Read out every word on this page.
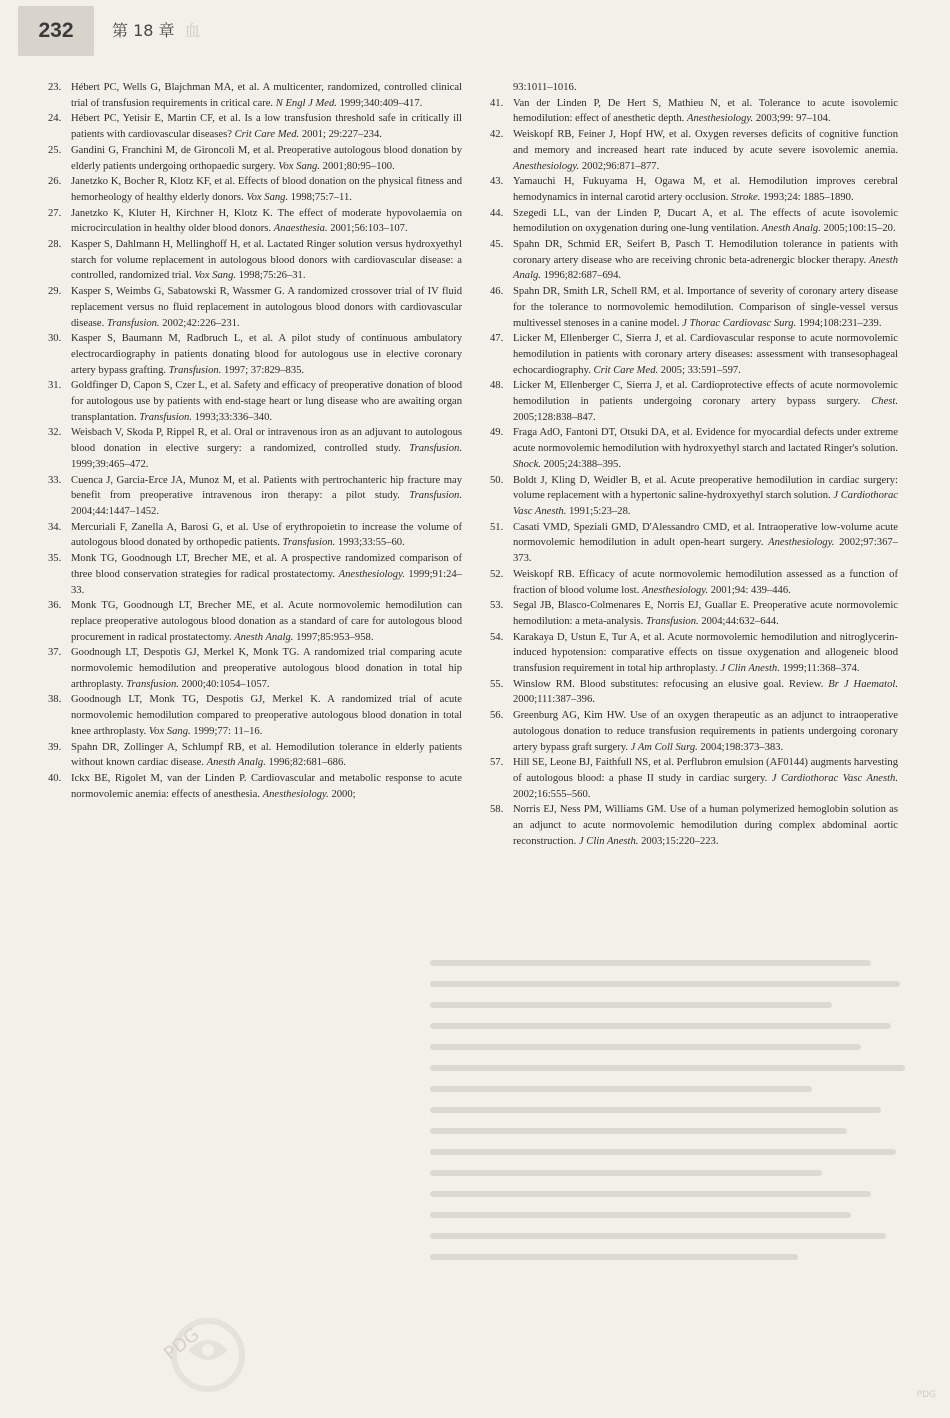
232 第 18 章 血

23. Hébert PC, Wells G, Blajchman MA, et al. A multicenter, randomized, controlled clinical trial of transfusion requirements in critical care. N Engl J Med. 1999;340:409–417.

24. Hébert PC, Yetisir E, Martin CF, et al. Is a low transfusion threshold safe in critically ill patients with cardiovascular diseases? Crit Care Med. 2001; 29:227–234.

25. Gandini G, Franchini M, de Gironcoli M, et al. Preoperative autologous blood donation by elderly patients undergoing orthopaedic surgery. Vox Sang. 2001;80:95–100.

26. Janetzko K, Bocher R, Klotz KF, et al. Effects of blood donation on the physical fitness and hemorheology of healthy elderly donors. Vox Sang. 1998;75:7–11.

27. Janetzko K, Kluter H, Kirchner H, Klotz K. The effect of moderate hypovolaemia on microcirculation in healthy older blood donors. Anaesthesia. 2001;56:103–107.

28. Kasper S, Dahlmann H, Mellinghoff H, et al. Lactated Ringer solution versus hydroxyethyl starch for volume replacement in autologous blood donors with cardiovascular disease: a controlled, randomized trial. Vox Sang. 1998;75:26–31.

29. Kasper S, Weimbs G, Sabatowski R, Wassmer G. A randomized crossover trial of IV fluid replacement versus no fluid replacement in autologous blood donors with cardiovascular disease. Transfusion. 2002;42:226–231.

30. Kasper S, Baumann M, Radbruch L, et al. A pilot study of continuous ambulatory electrocardiography in patients donating blood for autologous use in elective coronary artery bypass grafting. Transfusion. 1997; 37:829–835.

31. Goldfinger D, Capon S, Czer L, et al. Safety and efficacy of preoperative donation of blood for autologous use by patients with end-stage heart or lung disease who are awaiting organ transplantation. Transfusion. 1993;33:336–340.

32. Weisbach V, Skoda P, Rippel R, et al. Oral or intravenous iron as an adjuvant to autologous blood donation in elective surgery: a randomized, controlled study. Transfusion. 1999;39:465–472.

33. Cuenca J, Garcia-Erce JA, Munoz M, et al. Patients with pertrochanteric hip fracture may benefit from preoperative intravenous iron therapy: a pilot study. Transfusion. 2004;44:1447–1452.

34. Mercuriali F, Zanella A, Barosi G, et al. Use of erythropoietin to increase the volume of autologous blood donated by orthopedic patients. Transfusion. 1993;33:55–60.

35. Monk TG, Goodnough LT, Brecher ME, et al. A prospective randomized comparison of three blood conservation strategies for radical prostatectomy. Anesthesiology. 1999;91:24–33.

36. Monk TG, Goodnough LT, Brecher ME, et al. Acute normovolemic hemodilution can replace preoperative autologous blood donation as a standard of care for autologous blood procurement in radical prostatectomy. Anesth Analg. 1997;85:953–958.

37. Goodnough LT, Despotis GJ, Merkel K, Monk TG. A randomized trial comparing acute normovolemic hemodilution and preoperative autologous blood donation in total hip arthroplasty. Transfusion. 2000;40:1054–1057.

38. Goodnough LT, Monk TG, Despotis GJ, Merkel K. A randomized trial of acute normovolemic hemodilution compared to preoperative autologous blood donation in total knee arthroplasty. Vox Sang. 1999;77: 11–16.

39. Spahn DR, Zollinger A, Schlumpf RB, et al. Hemodilution tolerance in elderly patients without known cardiac disease. Anesth Analg. 1996;82:681–686.

40. Ickx BE, Rigolet M, van der Linden P. Cardiovascular and metabolic response to acute normovolemic anemia: effects of anesthesia. Anesthesiology. 2000;

93:1011–1016.

41. Van der Linden P, De Hert S, Mathieu N, et al. Tolerance to acute isovolemic hemodilution: effect of anesthetic depth. Anesthesiology. 2003;99: 97–104.

42. Weiskopf RB, Feiner J, Hopf HW, et al. Oxygen reverses deficits of cognitive function and memory and increased heart rate induced by acute severe isovolemic anemia. Anesthesiology. 2002;96:871–877.

43. Yamauchi H, Fukuyama H, Ogawa M, et al. Hemodilution improves cerebral hemodynamics in internal carotid artery occlusion. Stroke. 1993;24: 1885–1890.

44. Szegedi LL, van der Linden P, Ducart A, et al. The effects of acute isovolemic hemodilution on oxygenation during one-lung ventilation. Anesth Analg. 2005;100:15–20.

45. Spahn DR, Schmid ER, Seifert B, Pasch T. Hemodilution tolerance in patients with coronary artery disease who are receiving chronic beta-adrenergic blocker therapy. Anesth Analg. 1996;82:687–694.

46. Spahn DR, Smith LR, Schell RM, et al. Importance of severity of coronary artery disease for the tolerance to normovolemic hemodilution. Comparison of single-vessel versus multivessel stenoses in a canine model. J Thorac Cardiovasc Surg. 1994;108:231–239.

47. Licker M, Ellenberger C, Sierra J, et al. Cardiovascular response to acute normovolemic hemodilution in patients with coronary artery diseases: assessment with transesophageal echocardiography. Crit Care Med. 2005; 33:591–597.

48. Licker M, Ellenberger C, Sierra J, et al. Cardioprotective effects of acute normovolemic hemodilution in patients undergoing coronary artery bypass surgery. Chest. 2005;128:838–847.

49. Fraga AdO, Fantoni DT, Otsuki DA, et al. Evidence for myocardial defects under extreme acute normovolemic hemodilution with hydroxyethyl starch and lactated Ringer's solution. Shock. 2005;24:388–395.

50. Boldt J, Kling D, Weidler B, et al. Acute preoperative hemodilution in cardiac surgery: volume replacement with a hypertonic saline-hydroxyethyl starch solution. J Cardiothorac Vasc Anesth. 1991;5:23–28.

51. Casati VMD, Speziali GMD, D'Alessandro CMD, et al. Intraoperative low-volume acute normovolemic hemodilution in adult open-heart surgery. Anesthesiology. 2002;97:367–373.

52. Weiskopf RB. Efficacy of acute normovolemic hemodilution assessed as a function of fraction of blood volume lost. Anesthesiology. 2001;94: 439–446.

53. Segal JB, Blasco-Colmenares E, Norris EJ, Guallar E. Preoperative acute normovolemic hemodilution: a meta-analysis. Transfusion. 2004;44:632–644.

54. Karakaya D, Ustun E, Tur A, et al. Acute normovolemic hemodilution and nitroglycerin-induced hypotension: comparative effects on tissue oxygenation and allogeneic blood transfusion requirement in total hip arthroplasty. J Clin Anesth. 1999;11:368–374.

55. Winslow RM. Blood substitutes: refocusing an elusive goal. Review. Br J Haematol. 2000;111:387–396.

56. Greenburg AG, Kim HW. Use of an oxygen therapeutic as an adjunct to intraoperative autologous donation to reduce transfusion requirements in patients undergoing coronary artery bypass graft surgery. J Am Coll Surg. 2004;198:373–383.

57. Hill SE, Leone BJ, Faithfull NS, et al. Perflubron emulsion (AF0144) augments harvesting of autologous blood: a phase II study in cardiac surgery. J Cardiothorac Vasc Anesth. 2002;16:555–560.

58. Norris EJ, Ness PM, Williams GM. Use of a human polymerized hemoglobin solution as an adjunct to acute normovolemic hemodilution during complex abdominal aortic reconstruction. J Clin Anesth. 2003;15:220–223.

PDG
PDG
